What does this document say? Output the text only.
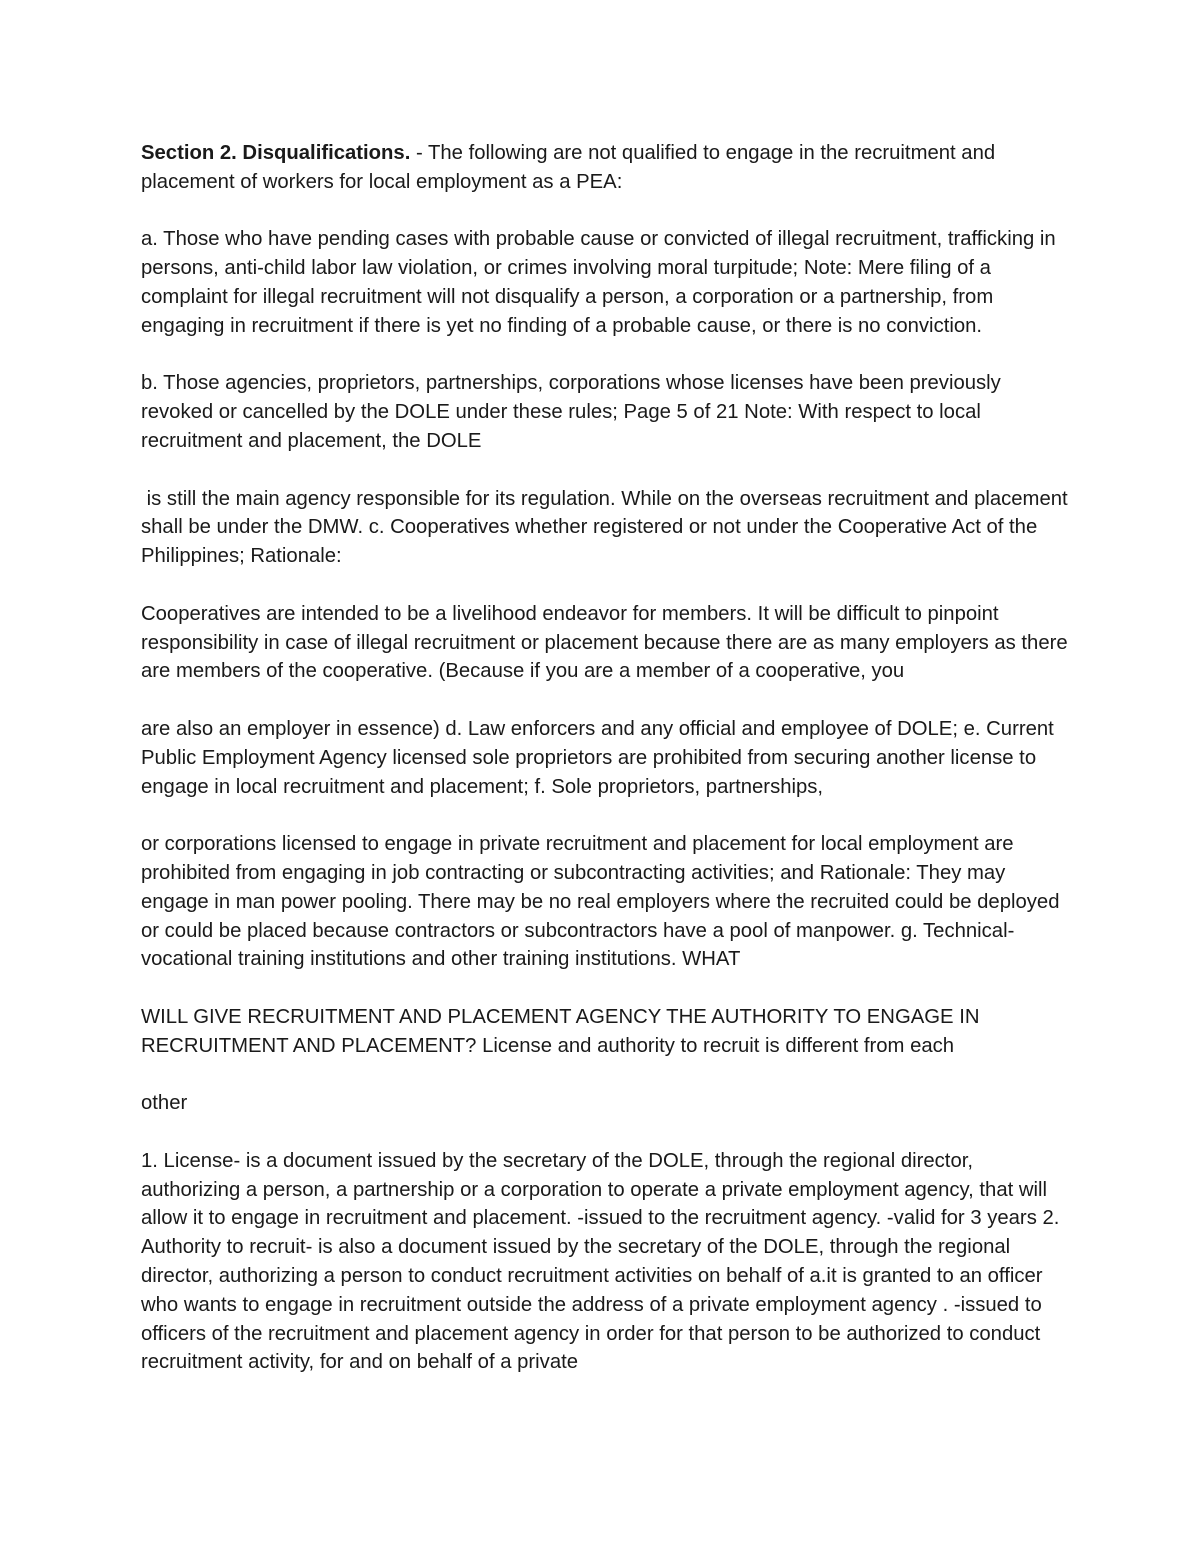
Section 2. Disqualifications. - The following are not qualified to engage in the recruitment and placement of workers for local employment as a PEA:

a. Those who have pending cases with probable cause or convicted of illegal recruitment, trafficking in persons, anti-child labor law violation, or crimes involving moral turpitude; Note: Mere filing of a complaint for illegal recruitment will not disqualify a person, a corporation or a partnership, from engaging in recruitment if there is yet no finding of a probable cause, or there is no conviction.

b. Those agencies, proprietors, partnerships, corporations whose licenses have been previously revoked or cancelled by the DOLE under these rules; Page 5 of 21 Note: With respect to local recruitment and placement, the DOLE

is still the main agency responsible for its regulation. While on the overseas recruitment and placement shall be under the DMW. c. Cooperatives whether registered or not under the Cooperative Act of the Philippines; Rationale:

Cooperatives are intended to be a livelihood endeavor for members. It will be difficult to pinpoint responsibility in case of illegal recruitment or placement because there are as many employers as there are members of the cooperative. (Because if you are a member of a cooperative, you

are also an employer in essence) d. Law enforcers and any official and employee of DOLE; e. Current Public Employment Agency licensed sole proprietors are prohibited from securing another license to engage in local recruitment and placement; f. Sole proprietors, partnerships,

or corporations licensed to engage in private recruitment and placement for local employment are prohibited from engaging in job contracting or subcontracting activities; and Rationale: They may engage in man power pooling. There may be no real employers where the recruited could be deployed or could be placed because contractors or subcontractors have a pool of manpower. g. Technical-vocational training institutions and other training institutions. WHAT

WILL GIVE RECRUITMENT AND PLACEMENT AGENCY THE AUTHORITY TO ENGAGE IN RECRUITMENT AND PLACEMENT? License and authority to recruit is different from each

other

1. License- is a document issued by the secretary of the DOLE, through the regional director, authorizing a person, a partnership or a corporation to operate a private employment agency, that will allow it to engage in recruitment and placement. -issued to the recruitment agency. -valid for 3 years 2. Authority to recruit- is also a document issued by the secretary of the DOLE, through the regional director, authorizing a person to conduct recruitment activities on behalf of a.it is granted to an officer who wants to engage in recruitment outside the address of a private employment agency . -issued to officers of the recruitment and placement agency in order for that person to be authorized to conduct recruitment activity, for and on behalf of a private
